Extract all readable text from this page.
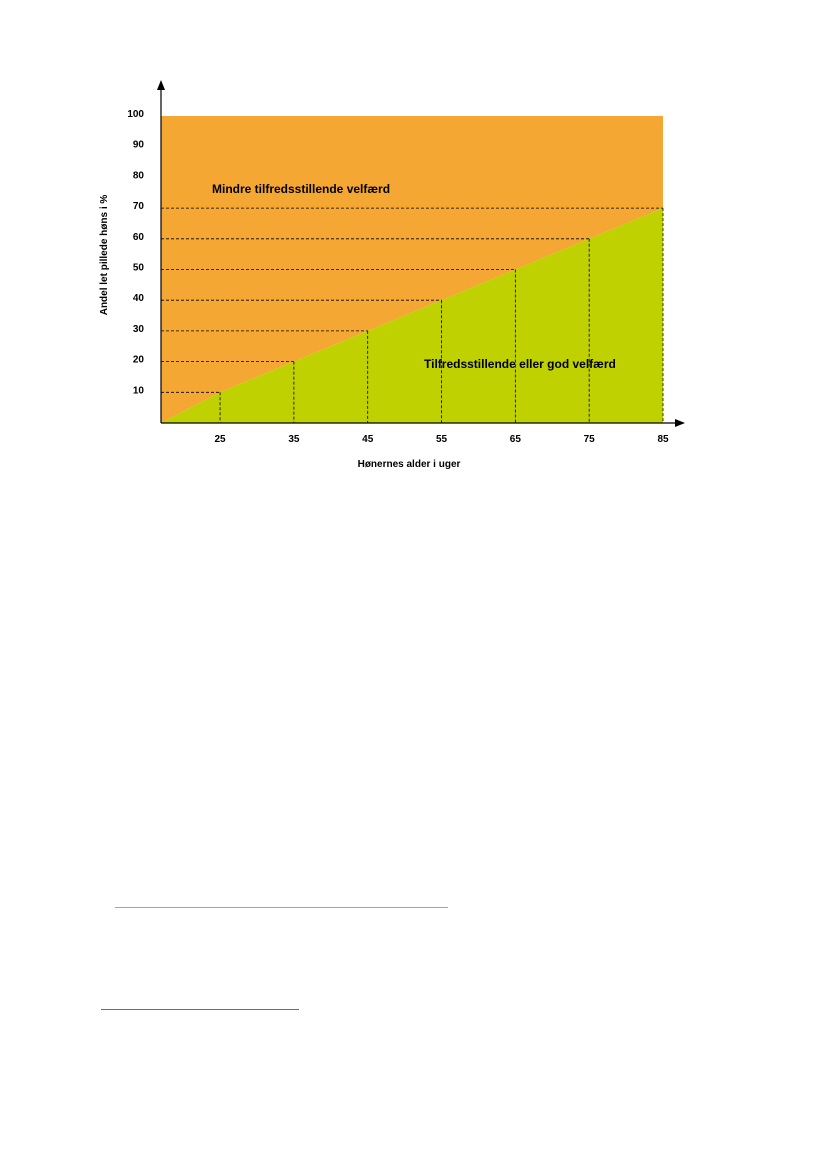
25	35	45	55	65	75	85
10
20
30
40
50
60
70
80
90
100
Mindre tilfredsstillende velfærd
Tilfredsstillende eller god velfærd
Hønernes alder i uger
Andel let pillede høns i %
